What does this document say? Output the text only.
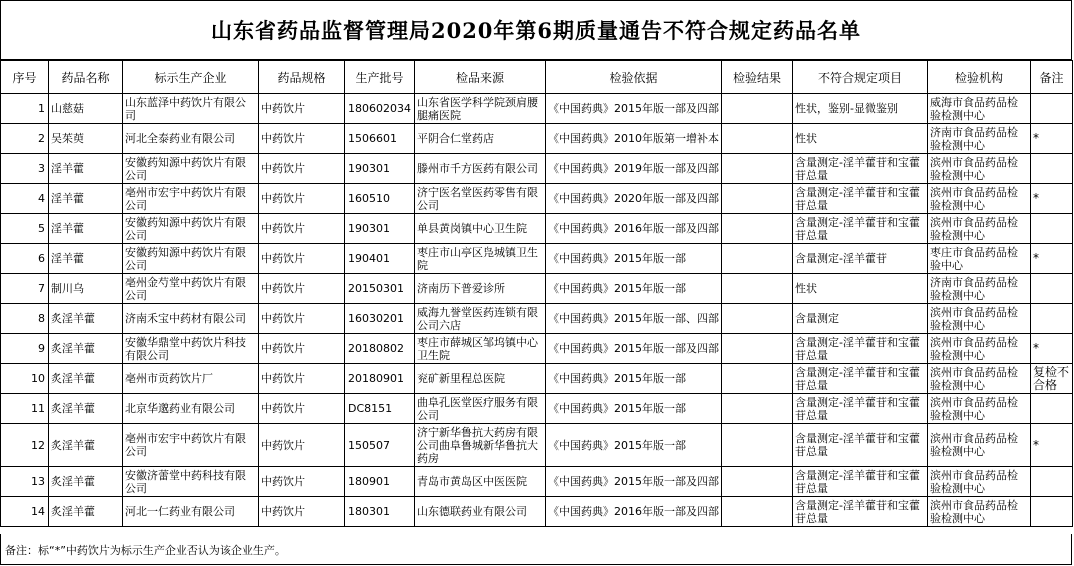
山东省药品监督管理局2020年第6期质量通告不符合规定药品名单
序号	药品名称	标示生产企业	药品规格	生产批号	检品来源	检验依据	检验结果	不符合规定项目	检验机构	备注
1	山慈菇	山东蓝泽中药饮片有限公司	中药饮片	180602034	山东省医学科学院颈肩腰腿痛医院	《中国药典》2015年版一部及四部		性状，鉴别-显微鉴别	威海市食品药品检验检测中心	
2	吴茱萸	河北全泰药业有限公司	中药饮片	1506601	平阴合仁堂药店	《中国药典》2010年版第一增补本		性状	济南市食品药品检验检测中心	*
3	淫羊藿	安徽药知源中药饮片有限公司	中药饮片	190301	滕州市千方医药有限公司	《中国药典》2019年版一部及四部		含量测定-淫羊藿苷和宝藿苷总量	滨州市食品药品检验检测中心	
4	淫羊藿	亳州市宏宇中药饮片有限公司	中药饮片	160510	济宁医名堂医药零售有限公司	《中国药典》2020年版一部及四部		含量测定-淫羊藿苷和宝藿苷总量	滨州市食品药品检验检测中心	*
5	淫羊藿	安徽药知源中药饮片有限公司	中药饮片	190301	单县黄岗镇中心卫生院	《中国药典》2016年版一部及四部		含量测定-淫羊藿苷和宝藿苷总量	滨州市食品药品检验检测中心	
6	淫羊藿	安徽药知源中药饮片有限公司	中药饮片	190401	枣庄市山亭区凫城镇卫生院	《中国药典》2015年版一部		含量测定-淫羊藿苷	枣庄市食品药品检验中心	*
7	制川乌	亳州金芍堂中药饮片有限公司	中药饮片	20150301	济南历下普爱诊所	《中国药典》2015年版一部		性状	济南市食品药品检验检测中心	
8	炙淫羊藿	济南禾宝中药材有限公司	中药饮片	16030201	威海九誉堂医药连锁有限公司六店	《中国药典》2015年版一部、四部		含量测定	滨州市食品药品检验检测中心	
9	炙淫羊藿	安徽华鼎堂中药饮片科技有限公司	中药饮片	20180802	枣庄市薛城区邹坞镇中心卫生院	《中国药典》2015年版一部及四部		含量测定-淫羊藿苷和宝藿苷总量	滨州市食品药品检验检测中心	*
10	炙淫羊藿	亳州市贡药饮片厂	中药饮片	20180901	兖矿新里程总医院	《中国药典》2015年版一部		含量测定-淫羊藿苷和宝藿苷总量	滨州市食品药品检验检测中心	复检不合格
11	炙淫羊藿	北京华邈药业有限公司	中药饮片	DC8151	曲阜孔医堂医疗服务有限公司	《中国药典》2015年版一部		含量测定-淫羊藿苷和宝藿苷总量	滨州市食品药品检验检测中心	
12	炙淫羊藿	亳州市宏宇中药饮片有限公司	中药饮片	150507	济宁新华鲁抗大药房有限公司曲阜鲁城新华鲁抗大药房	《中国药典》2015年版一部		含量测定-淫羊藿苷和宝藿苷总量	滨州市食品药品检验检测中心	*
13	炙淫羊藿	安徽济蕾堂中药科技有限公司	中药饮片	180901	青岛市黄岛区中医医院	《中国药典》2015年版一部及四部		含量测定-淫羊藿苷和宝藿苷总量	滨州市食品药品检验检测中心	
14	炙淫羊藿	河北一仁药业有限公司	中药饮片	180301	山东德联药业有限公司	《中国药典》2016年版一部及四部		含量测定-淫羊藿苷和宝藿苷总量	滨州市食品药品检验检测中心	
备注：标“*”中药饮片为标示生产企业否认为该企业生产。
